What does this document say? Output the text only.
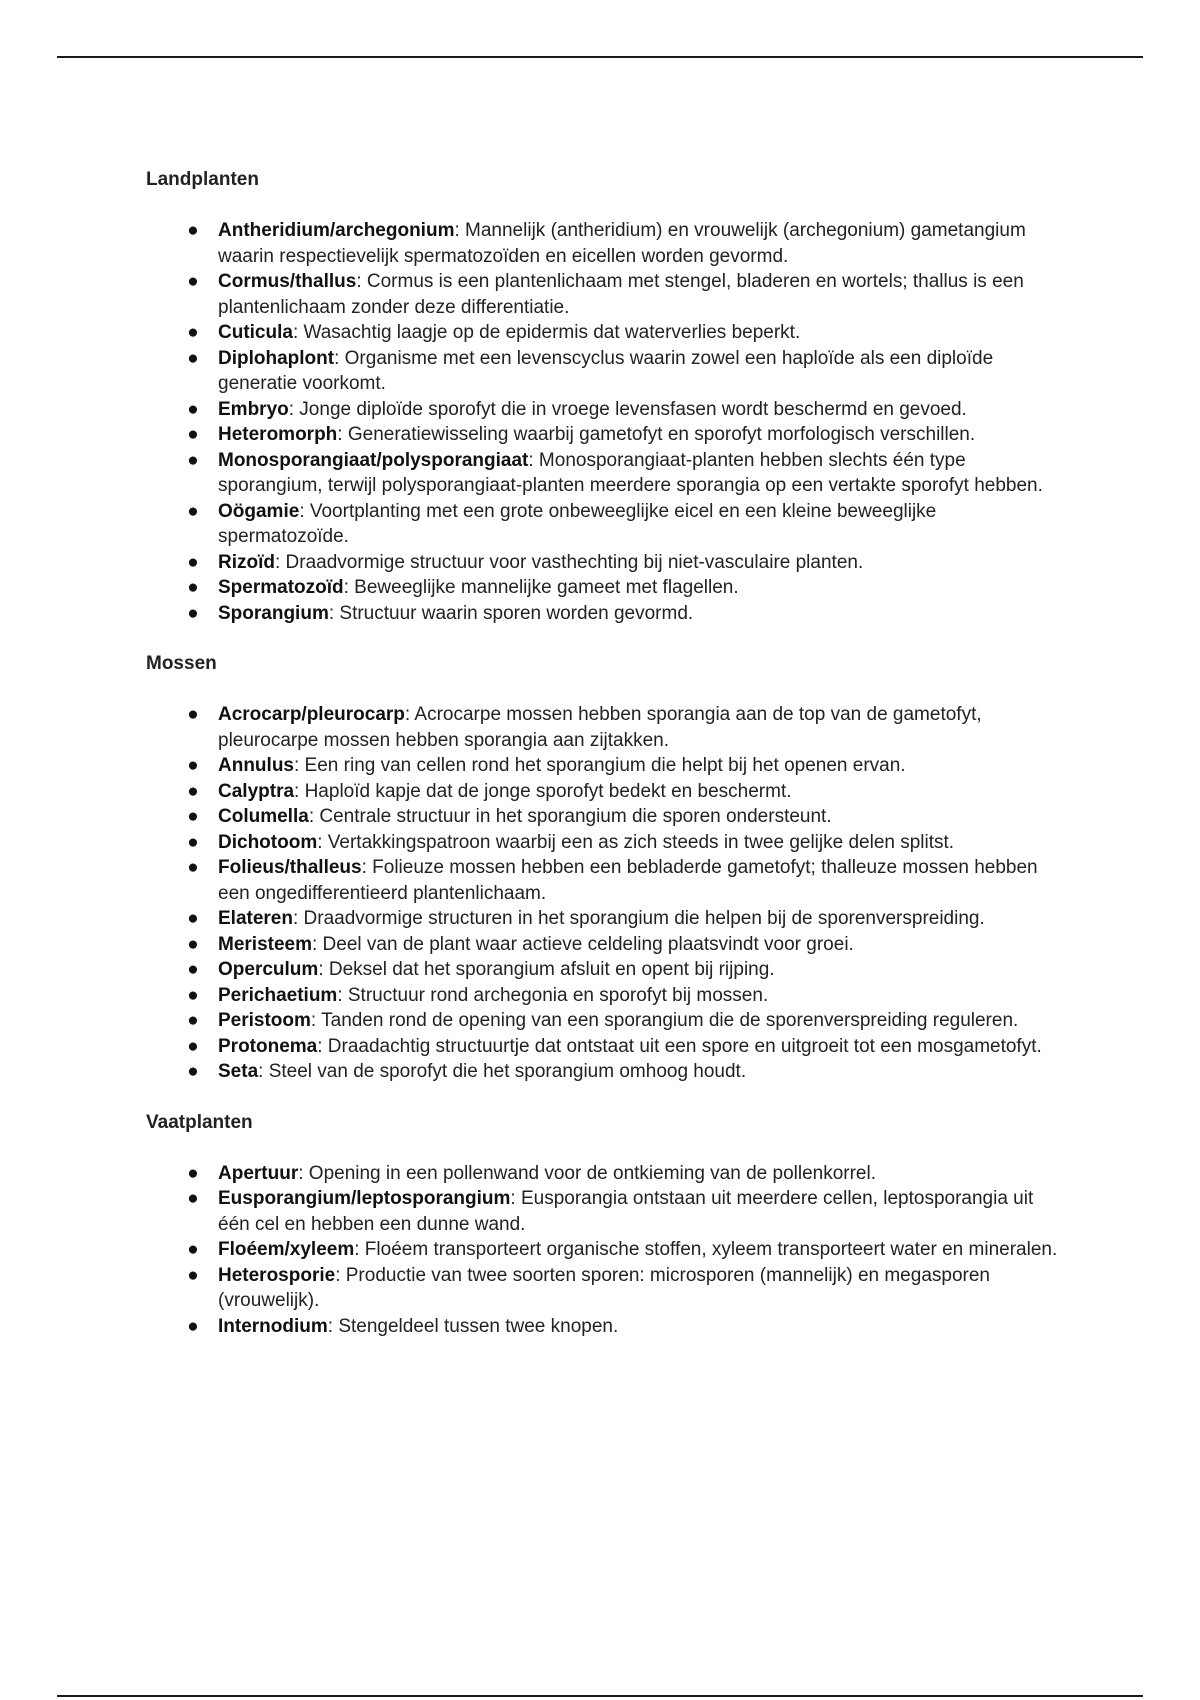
Landplanten
● Antheridium/archegonium: Mannelijk (antheridium) en vrouwelijk (archegonium) gametangium waarin respectievelijk spermatozoïden en eicellen worden gevormd.
● Cormus/thallus: Cormus is een plantenlichaam met stengel, bladeren en wortels; thallus is een plantenlichaam zonder deze differentiatie.
● Cuticula: Wasachtig laagje op de epidermis dat waterverlies beperkt.
● Diplohaplont: Organisme met een levenscyclus waarin zowel een haploïde als een diploïde generatie voorkomt.
● Embryo: Jonge diploïde sporofyt die in vroege levensfasen wordt beschermd en gevoed.
● Heteromorph: Generatiewisseling waarbij gametofyt en sporofyt morfologisch verschillen.
● Monosporangiaat/polysporangiaat: Monosporangiaat-planten hebben slechts één type sporangium, terwijl polysporangiaat-planten meerdere sporangia op een vertakte sporofyt hebben.
● Oögamie: Voortplanting met een grote onbeweeglijke eicel en een kleine beweeglijke spermatozoïde.
● Rizoïd: Draadvormige structuur voor vasthechting bij niet-vasculaire planten.
● Spermatozoïd: Beweeglijke mannelijke gameet met flagellen.
● Sporangium: Structuur waarin sporen worden gevormd.
Mossen
● Acrocarp/pleurocarp: Acrocarpe mossen hebben sporangia aan de top van de gametofyt, pleurocarpe mossen hebben sporangia aan zijtakken.
● Annulus: Een ring van cellen rond het sporangium die helpt bij het openen ervan.
● Calyptra: Haploïd kapje dat de jonge sporofyt bedekt en beschermt.
● Columella: Centrale structuur in het sporangium die sporen ondersteunt.
● Dichotoom: Vertakkingspatroon waarbij een as zich steeds in twee gelijke delen splitst.
● Folieus/thalleus: Folieuze mossen hebben een bebladerde gametofyt; thalleuze mossen hebben een ongedifferentieerd plantenlichaam.
● Elateren: Draadvormige structuren in het sporangium die helpen bij de sporenverspreiding.
● Meristeem: Deel van de plant waar actieve celdeling plaatsvindt voor groei.
● Operculum: Deksel dat het sporangium afsluit en opent bij rijping.
● Perichaetium: Structuur rond archegonia en sporofyt bij mossen.
● Peristoom: Tanden rond de opening van een sporangium die de sporenverspreiding reguleren.
● Protonema: Draadachtig structuurtje dat ontstaat uit een spore en uitgroeit tot een mosgametofyt.
● Seta: Steel van de sporofyt die het sporangium omhoog houdt.
Vaatplanten
● Apertuur: Opening in een pollenwand voor de ontkieming van de pollenkorrel.
● Eusporangium/leptosporangium: Eusporangia ontstaan uit meerdere cellen, leptosporangia uit één cel en hebben een dunne wand.
● Floéem/xyleem: Floéem transporteert organische stoffen, xyleem transporteert water en mineralen.
● Heterosporie: Productie van twee soorten sporen: microsporen (mannelijk) en megasporen (vrouwelijk).
● Internodium: Stengeldeel tussen twee knopen.
